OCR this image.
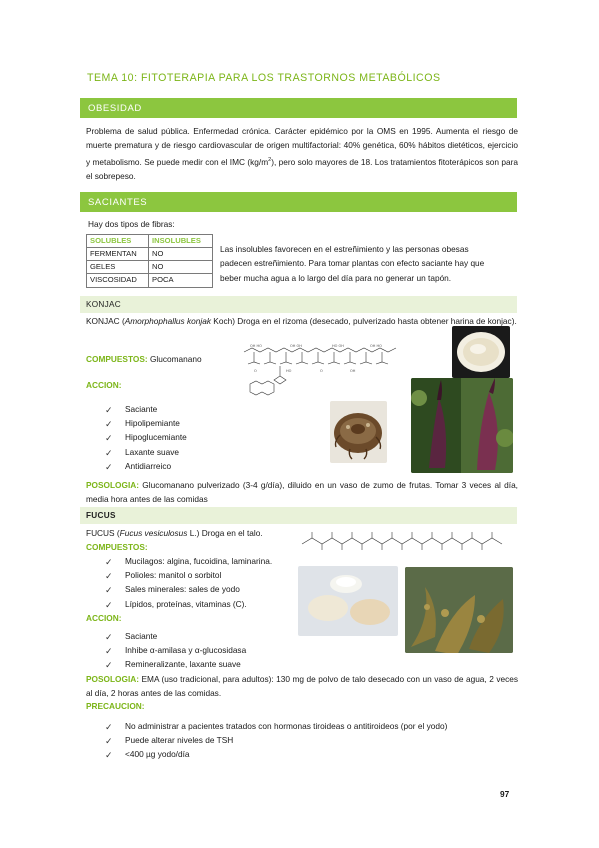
TEMA 10: FITOTERAPIA PARA LOS TRASTORNOS METABÓLICOS
OBESIDAD
Problema de salud pública. Enfermedad crónica. Carácter epidémico por la OMS en 1995. Aumenta el riesgo de muerte prematura y de riesgo cardiovascular de origen multifactorial: 40% genética, 60% hábitos dietéticos, ejercicio y metabolismo. Se puede medir con el IMC $(kg/m^2)$, pero solo mayores de 18. Los tratamientos fitoterápicos son para el sobrepeso.
SACIANTES
Hay dos tipos de fibras:
SOLUBLES	INSOLUBLES
FERMENTAN	NO
GELES	NO
VISCOSIDAD	POCA
Las insolubles favorecen en el estreñimiento y las personas obesas padecen estreñimiento. Para tomar plantas con efecto saciante hay que beber mucha agua a lo largo del día para no generar un tapón.
KONJAC
KONJAC (Amorphophallus konjak Koch) Droga en el rizoma (desecado, pulverizado hasta obtener harina de konjac).
COMPUESTOS: Glucomanano
ACCION:
✓ Saciante
✓ Hipolipemiante
✓ Hipoglucemiante
✓ Laxante suave
✓ Antidiarreico
OH HO	OH OH	HO OH	OH HO
O	HO	O	OH
POSOLOGIA: Glucomanano pulverizado (3-4 g/día), diluido en un vaso de zumo de frutas. Tomar 3 veces al día, media hora antes de las comidas
FUCUS
FUCUS (Fucus vesiculosus L.) Droga en el talo.
COMPUESTOS:
✓ Mucilagos: algina, fucoidina, laminarina.
✓ Polioles: manitol o sorbitol
✓ Sales minerales: sales de yodo
✓ Lípidos, proteínas, vitaminas (C).
ACCION:
✓ Saciante
✓ Inhibe α-amilasa y α-glucosidasa
✓ Remineralizante, laxante suave
POSOLOGIA: EMA (uso tradicional, para adultos): 130 mg de polvo de talo desecado con un vaso de agua, 2 veces al día, 2 horas antes de las comidas.
PRECAUCION:
✓ No administrar a pacientes tratados con hormonas tiroideas o antitiroideos (por el yodo)
✓ Puede alterar niveles de TSH
✓ <400 µg yodo/día
97
